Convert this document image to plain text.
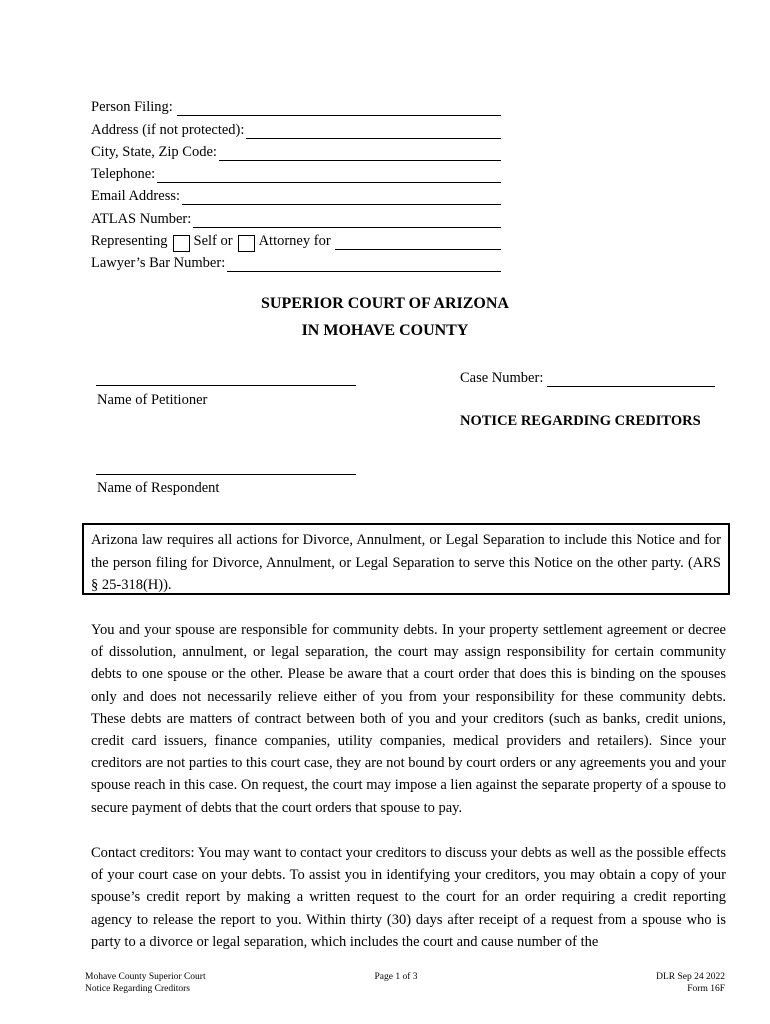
Person Filing:
Address (if not protected):
City, State, Zip Code:
Telephone:
Email Address:
ATLAS Number:
Representing Self or Attorney for
Lawyer’s Bar Number:
SUPERIOR COURT OF ARIZONA
IN MOHAVE COUNTY
Name of Petitioner
Case Number:
NOTICE REGARDING CREDITORS
Name of Respondent
Arizona law requires all actions for Divorce, Annulment, or Legal Separation to include this Notice and for the person filing for Divorce, Annulment, or Legal Separation to serve this Notice on the other party. (ARS § 25-318(H)).

You and your spouse are responsible for community debts. In your property settlement agreement or decree of dissolution, annulment, or legal separation, the court may assign responsibility for certain community debts to one spouse or the other. Please be aware that a court order that does this is binding on the spouses only and does not necessarily relieve either of you from your responsibility for these community debts. These debts are matters of contract between both of you and your creditors (such as banks, credit unions, credit card issuers, finance companies, utility companies, medical providers and retailers). Since your creditors are not parties to this court case, they are not bound by court orders or any agreements you and your spouse reach in this case. On request, the court may impose a lien against the separate property of a spouse to secure payment of debts that the court orders that spouse to pay.

Contact creditors: You may want to contact your creditors to discuss your debts as well as the possible effects of your court case on your debts. To assist you in identifying your creditors, you may obtain a copy of your spouse’s credit report by making a written request to the court for an order requiring a credit reporting agency to release the report to you. Within thirty (30) days after receipt of a request from a spouse who is party to a divorce or legal separation, which includes the court and cause number of the

Mohave County Superior Court
Notice Regarding Creditors
Page 1 of 3	DLR Sep 24 2022
Form 16F
